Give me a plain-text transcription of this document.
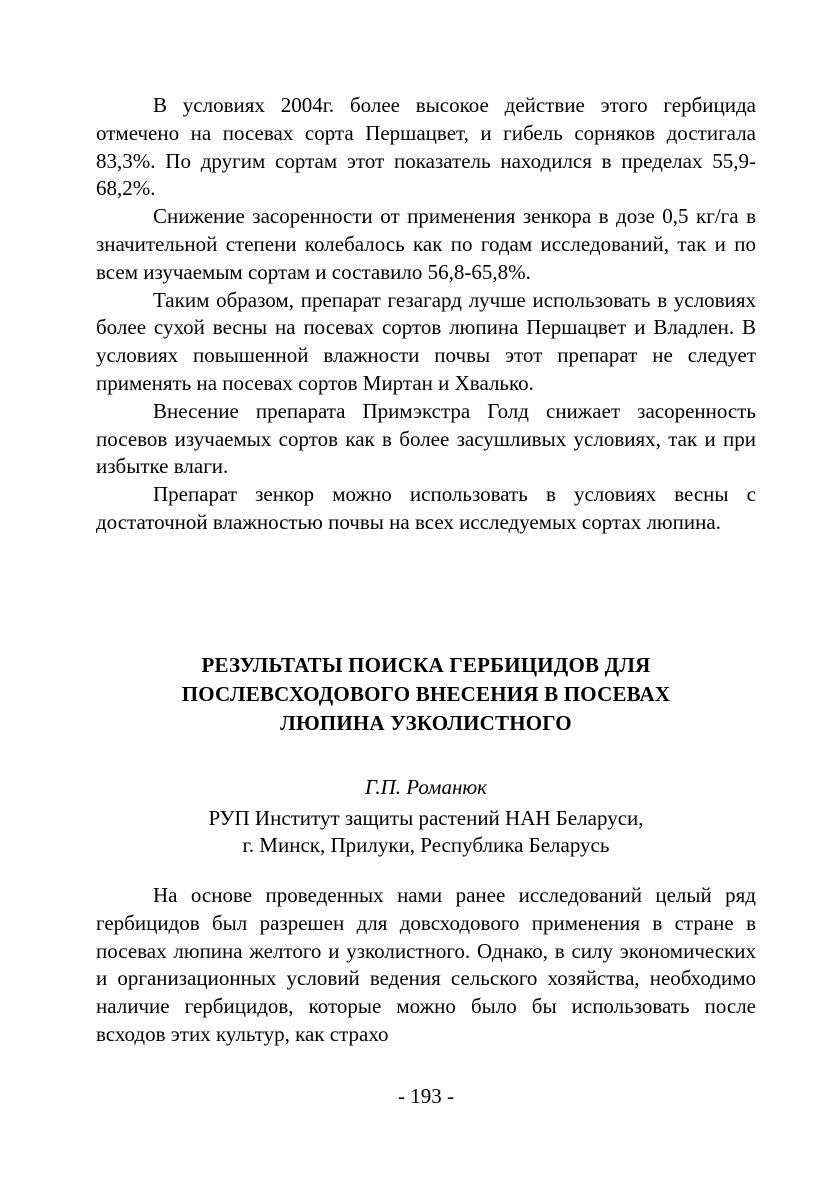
В условиях 2004г. более высокое действие этого гербицида отмечено на посевах сорта Першацвет, и гибель сорняков достигала 83,3%. По другим сортам этот показатель находился в пределах 55,9-68,2%.

Снижение засоренности от применения зенкора в дозе 0,5 кг/га в значительной степени колебалось как по годам исследований, так и по всем изучаемым сортам и составило 56,8-65,8%.

Таким образом, препарат гезагард лучше использовать в условиях более сухой весны на посевах сортов люпина Першацвет и Владлен. В условиях повышенной влажности почвы этот препарат не следует применять на посевах сортов Миртан и Хвалько.

Внесение препарата Примэкстра Голд снижает засоренность посевов изучаемых сортов как в более засушливых условиях, так и при избытке влаги.

Препарат зенкор можно использовать в условиях весны с достаточной влажностью почвы на всех исследуемых сортах люпина.

РЕЗУЛЬТАТЫ ПОИСКА ГЕРБИЦИДОВ ДЛЯ

ПОСЛЕВСХОДОВОГО ВНЕСЕНИЯ В ПОСЕВАХ

ЛЮПИНА УЗКОЛИСТНОГО

Г.П. Романюк
РУП Институт защиты растений НАН Беларуси,
г. Минск, Прилуки, Республика Беларусь

На основе проведенных нами ранее исследований целый ряд гербицидов был разрешен для довсходового применения в стране в посевах люпина желтого и узколистного. Однако, в силу экономических и организационных условий ведения сельского хозяйства, необходимо наличие гербицидов, которые можно было бы использовать после всходов этих культур, как страхо

- 193 -
